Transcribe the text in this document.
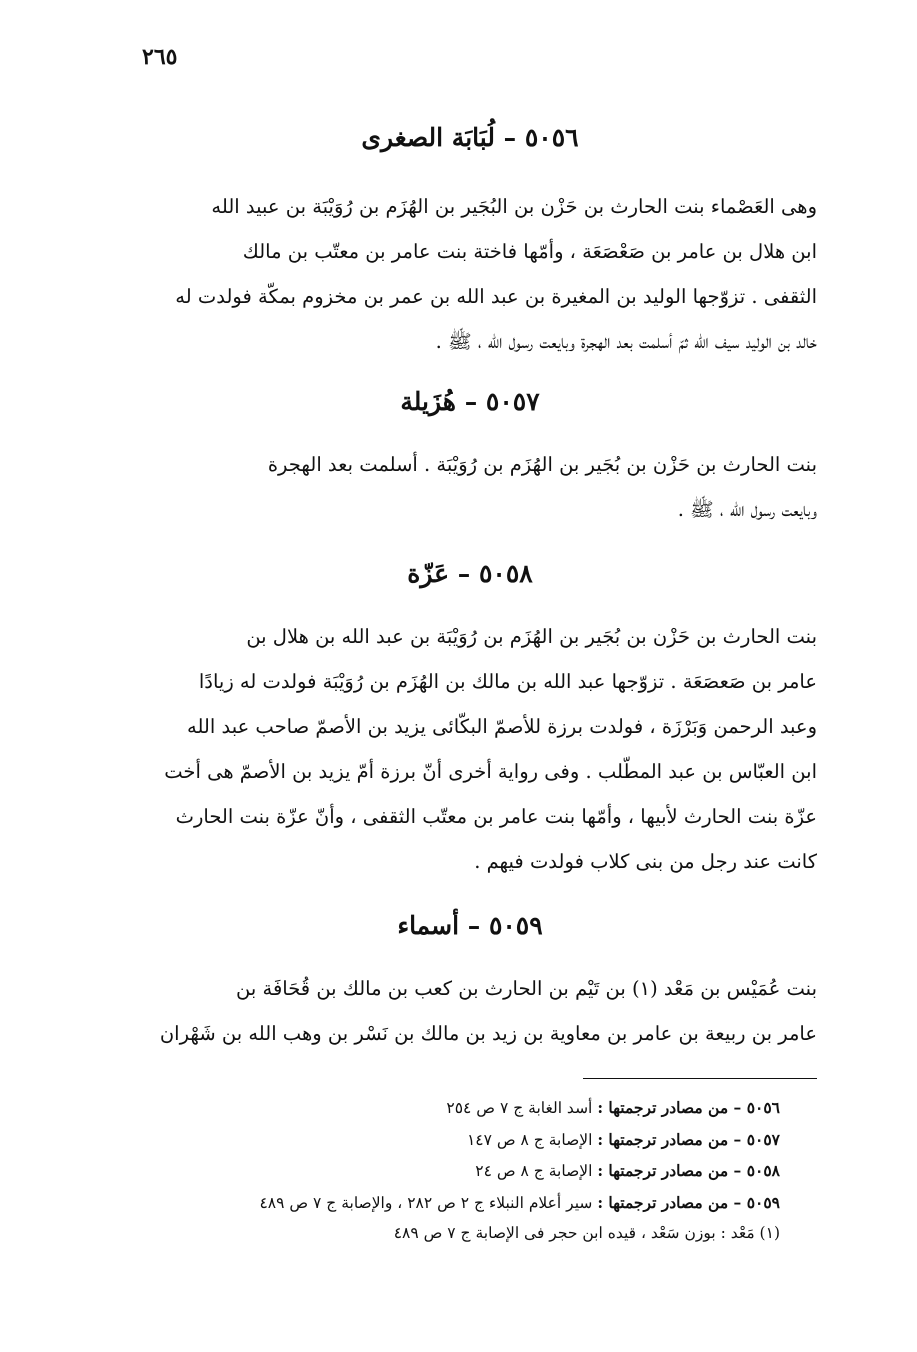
٢٦٥
٥٠٥٦ – لُبَابَة الصغرى
وهى العَصْماء بنت الحارث بن حَزْن بن البُجَير بن الهُزَم بن رُوَيْبَة بن عبيد الله
ابن هلال بن عامر بن صَعْصَعَة ، وأمّها فاختة بنت عامر بن معتّب بن مالك
الثقفى . تزوّجها الوليد بن المغيرة بن عبد الله بن عمر بن مخزوم بمكّة فولدت له
خالد بن الوليد سيف الله ثمّ أسلمت بعد الهجرة وبايعت رسول الله ، ﷺ .
٥٠٥٧ – هُزَيلة
بنت الحارث بن حَزْن بن بُجَير بن الهُزَم بن رُوَيْبَة . أسلمت بعد الهجرة
وبايعت رسول الله ، ﷺ .
٥٠٥٨ – عَزّة
بنت الحارث بن حَزْن بن بُجَير بن الهُزَم بن رُوَيْبَة بن عبد الله بن هلال بن
عامر بن صَعصَعَة . تزوّجها عبد الله بن مالك بن الهُزَم بن رُوَيْبَة فولدت له زيادًا
وعبد الرحمن وَبَرْزَة ، فولدت برزة للأصمّ البكّائى يزيد بن الأصمّ صاحب عبد الله
ابن العبّاس بن عبد المطّلب . وفى رواية أخرى أنّ برزة أمّ يزيد بن الأصمّ هى أخت
عزّة بنت الحارث لأبيها ، وأمّها بنت عامر بن معتّب الثقفى ، وأنّ عزّة بنت الحارث
كانت عند رجل من بنى كلاب فولدت فيهم .
٥٠٥٩ – أسماء
بنت عُمَيْس بن مَعْد (١) بن تَيْم بن الحارث بن كعب بن مالك بن قُحَافَة بن
عامر بن ربيعة بن عامر بن معاوية بن زيد بن مالك بن نَسْر بن وهب الله بن شَهْران
٥٠٥٦ – من مصادر ترجمتها : أسد الغابة ج ٧ ص ٢٥٤
٥٠٥٧ – من مصادر ترجمتها : الإصابة ج ٨ ص ١٤٧
٥٠٥٨ – من مصادر ترجمتها : الإصابة ج ٨ ص ٢٤
٥٠٥٩ – من مصادر ترجمتها : سير أعلام النبلاء ج ٢ ص ٢٨٢ ، والإصابة ج ٧ ص ٤٨٩
(١) مَعْد : بوزن سَعْد ، قيده ابن حجر فى الإصابة ج ٧ ص ٤٨٩
